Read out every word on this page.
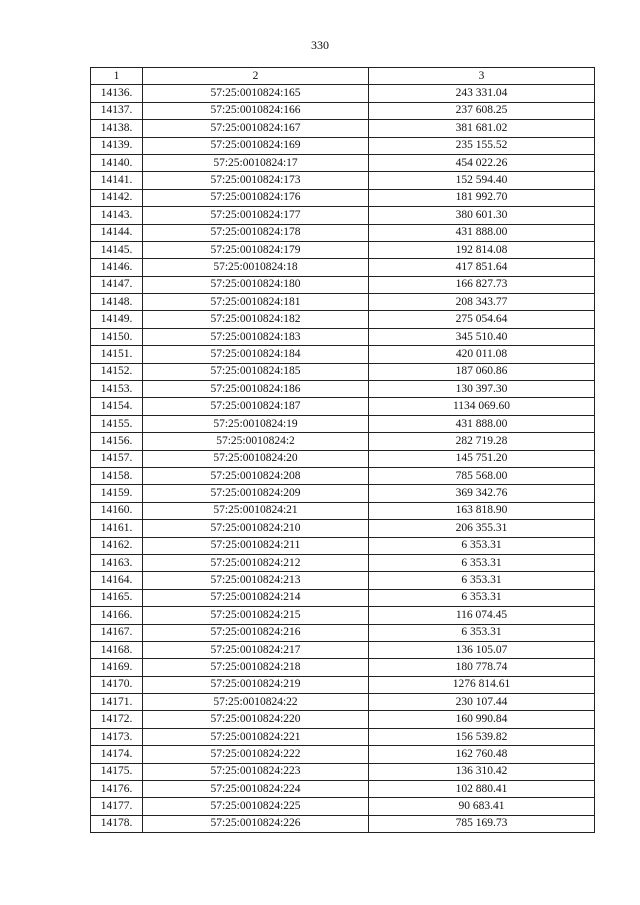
330
1	2	3
14136.	57:25:0010824:165	243 331.04
14137.	57:25:0010824:166	237 608.25
14138.	57:25:0010824:167	381 681.02
14139.	57:25:0010824:169	235 155.52
14140.	57:25:0010824:17	454 022.26
14141.	57:25:0010824:173	152 594.40
14142.	57:25:0010824:176	181 992.70
14143.	57:25:0010824:177	380 601.30
14144.	57:25:0010824:178	431 888.00
14145.	57:25:0010824:179	192 814.08
14146.	57:25:0010824:18	417 851.64
14147.	57:25:0010824:180	166 827.73
14148.	57:25:0010824:181	208 343.77
14149.	57:25:0010824:182	275 054.64
14150.	57:25:0010824:183	345 510.40
14151.	57:25:0010824:184	420 011.08
14152.	57:25:0010824:185	187 060.86
14153.	57:25:0010824:186	130 397.30
14154.	57:25:0010824:187	1134 069.60
14155.	57:25:0010824:19	431 888.00
14156.	57:25:0010824:2	282 719.28
14157.	57:25:0010824:20	145 751.20
14158.	57:25:0010824:208	785 568.00
14159.	57:25:0010824:209	369 342.76
14160.	57:25:0010824:21	163 818.90
14161.	57:25:0010824:210	206 355.31
14162.	57:25:0010824:211	6 353.31
14163.	57:25:0010824:212	6 353.31
14164.	57:25:0010824:213	6 353.31
14165.	57:25:0010824:214	6 353.31
14166.	57:25:0010824:215	116 074.45
14167.	57:25:0010824:216	6 353.31
14168.	57:25:0010824:217	136 105.07
14169.	57:25:0010824:218	180 778.74
14170.	57:25:0010824:219	1276 814.61
14171.	57:25:0010824:22	230 107.44
14172.	57:25:0010824:220	160 990.84
14173.	57:25:0010824:221	156 539.82
14174.	57:25:0010824:222	162 760.48
14175.	57:25:0010824:223	136 310.42
14176.	57:25:0010824:224	102 880.41
14177.	57:25:0010824:225	90 683.41
14178.	57:25:0010824:226	785 169.73
